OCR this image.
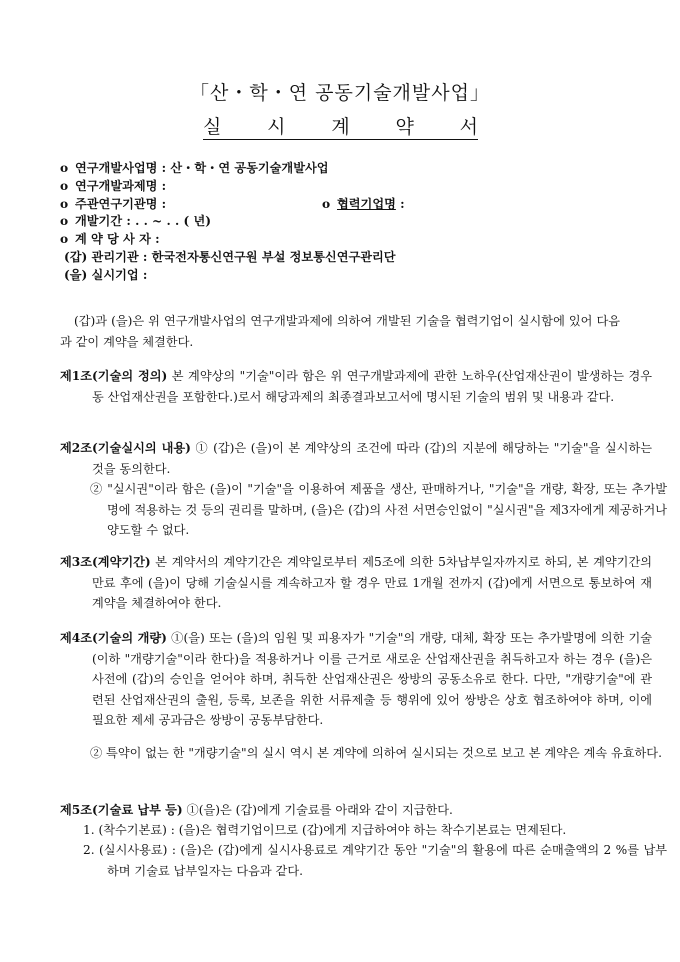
「산・학・연 공동기술개발사업」
실 시 계 약 서
o 연구개발사업명 : 산・학・연 공동기술개발사업
o 연구개발과제명 :
o 주관연구기관명 :	o 협력기업명 :
o 개발기간 : . . ~ . . ( 년)
o 계 약 당 사 자 :
(갑) 관리기관 : 한국전자통신연구원 부설 정보통신연구관리단
(을) 실시기업 :
(갑)과 (을)은 위 연구개발사업의 연구개발과제에 의하여 개발된 기술을 협력기업이 실시함에 있어 다음과 같이 계약을 체결한다.
제1조(기술의 정의) 본 계약상의 "기술"이라 함은 위 연구개발과제에 관한 노하우(산업재산권이 발생하는 경우 동 산업재산권을 포함한다.)로서 해당과제의 최종결과보고서에 명시된 기술의 범위 및 내용과 같다.
제2조(기술실시의 내용) ① (갑)은 (을)이 본 계약상의 조건에 따라 (갑)의 지분에 해당하는 "기술"을 실시하는 것을 동의한다.
② "실시권"이라 함은 (을)이 "기술"을 이용하여 제품을 생산, 판매하거나, "기술"을 개량, 확장, 또는 추가발명에 적용하는 것 등의 권리를 말하며, (을)은 (갑)의 사전 서면승인없이 "실시권"을 제3자에게 제공하거나 양도할 수 없다.
제3조(계약기간) 본 계약서의 계약기간은 계약일로부터 제5조에 의한 5차납부일자까지로 하되, 본 계약기간의 만료 후에 (을)이 당해 기술실시를 계속하고자 할 경우 만료 1개월 전까지 (갑)에게 서면으로 통보하여 재계약을 체결하여야 한다.
제4조(기술의 개량) ①(을) 또는 (을)의 임원 및 피용자가 "기술"의 개량, 대체, 확장 또는 추가발명에 의한 기술(이하 "개량기술"이라 한다)을 적용하거나 이를 근거로 새로운 산업재산권을 취득하고자 하는 경우 (을)은 사전에 (갑)의 승인을 얻어야 하며, 취득한 산업재산권은 쌍방의 공동소유로 한다. 다만, "개량기술"에 관련된 산업재산권의 출원, 등록, 보존을 위한 서류제출 등 행위에 있어 쌍방은 상호 협조하여야 하며, 이에 필요한 제세 공과금은 쌍방이 공동부담한다.
② 특약이 없는 한 "개량기술"의 실시 역시 본 계약에 의하여 실시되는 것으로 보고 본 계약은 계속 유효하다.
제5조(기술료 납부 등) ①(을)은 (갑)에게 기술료를 아래와 같이 지급한다.
1. (착수기본료) : (을)은 협력기업이므로 (갑)에게 지급하여야 하는 착수기본료는 면제된다.
2. (실시사용료) : (을)은 (갑)에게 실시사용료로 계약기간 동안 "기술"의 활용에 따른 순매출액의 2 %를 납부하며 기술료 납부일자는 다음과 같다.
